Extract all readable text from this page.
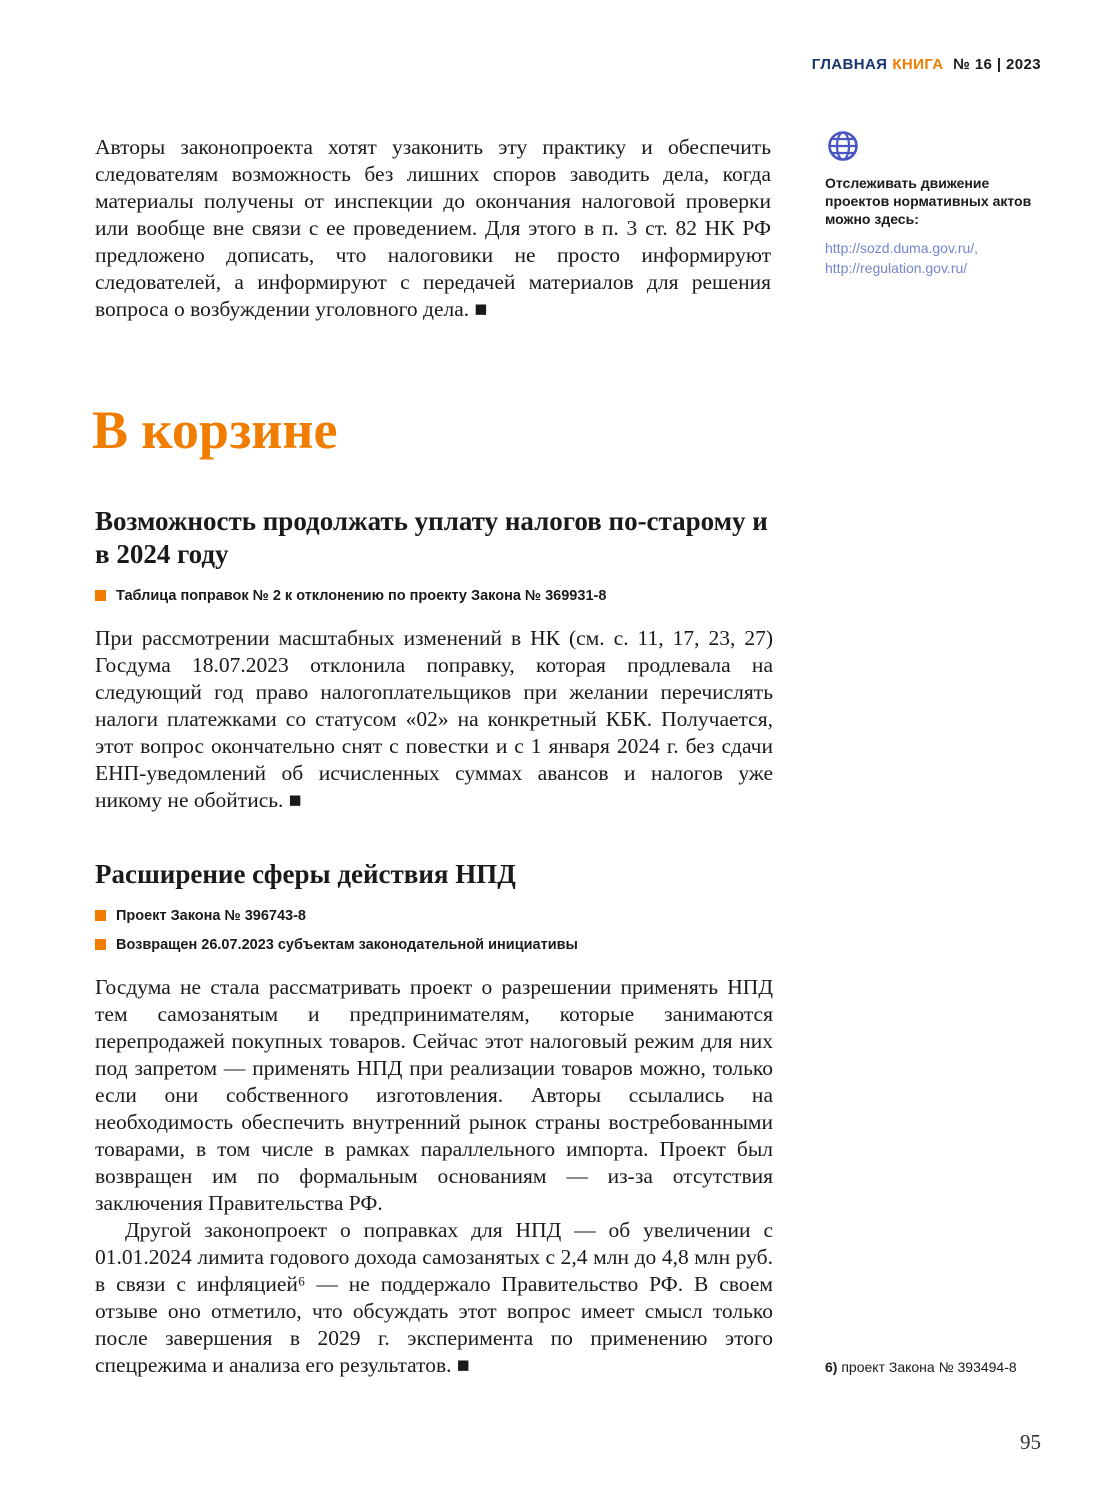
ГЛАВНАЯ КНИГА № 16 | 2023

Авторы законопроекта хотят узаконить эту практику и обеспечить следователям возможность без лишних споров заводить дела, когда материалы получены от инспекции до окончания налоговой проверки или вообще вне связи с ее проведением. Для этого в п. 3 ст. 82 НК РФ предложено дописать, что налоговики не просто информируют следователей, а информируют с передачей материалов для решения вопроса о возбуждении уголовного дела. ■

Отслеживать движение проектов нормативных актов можно здесь:

http://sozd.duma.gov.ru/,
http://regulation.gov.ru/
В корзине
Возможность продолжать уплату налогов по-старому и в 2024 году
Таблица поправок № 2 к отклонению по проекту Закона № 369931-8

При рассмотрении масштабных изменений в НК (см. с. 11, 17, 23, 27) Госдума 18.07.2023 отклонила поправку, которая продлевала на следующий год право налогоплательщиков при желании перечислять налоги платежками со статусом «02» на конкретный КБК. Получается, этот вопрос окончательно снят с повестки и с 1 января 2024 г. без сдачи ЕНП-уведомлений об исчисленных суммах авансов и налогов уже никому не обойтись. ■

Расширение сферы действия НПД
Проект Закона № 396743-8
Возвращен 26.07.2023 субъектам законодательной инициативы

Госдума не стала рассматривать проект о разрешении применять НПД тем самозанятым и предпринимателям, которые занимаются перепродажей покупных товаров. Сейчас этот налоговый режим для них под запретом — применять НПД при реализации товаров можно, только если они собственного изготовления. Авторы ссылались на необходимость обеспечить внутренний рынок страны востребованными товарами, в том числе в рамках параллельного импорта. Проект был возвращен им по формальным основаниям — из-за отсутствия заключения Правительства РФ.

Другой законопроект о поправках для НПД — об увеличении с 01.01.2024 лимита годового дохода самозанятых с 2,4 млн до 4,8 млн руб. в связи с инфляцией⁶ — не поддержало Правительство РФ. В своем отзыве оно отметило, что обсуждать этот вопрос имеет смысл только после завершения в 2029 г. эксперимента по применению этого спецрежима и анализа его результатов. ■	6) проект Закона № 393494-8
95
